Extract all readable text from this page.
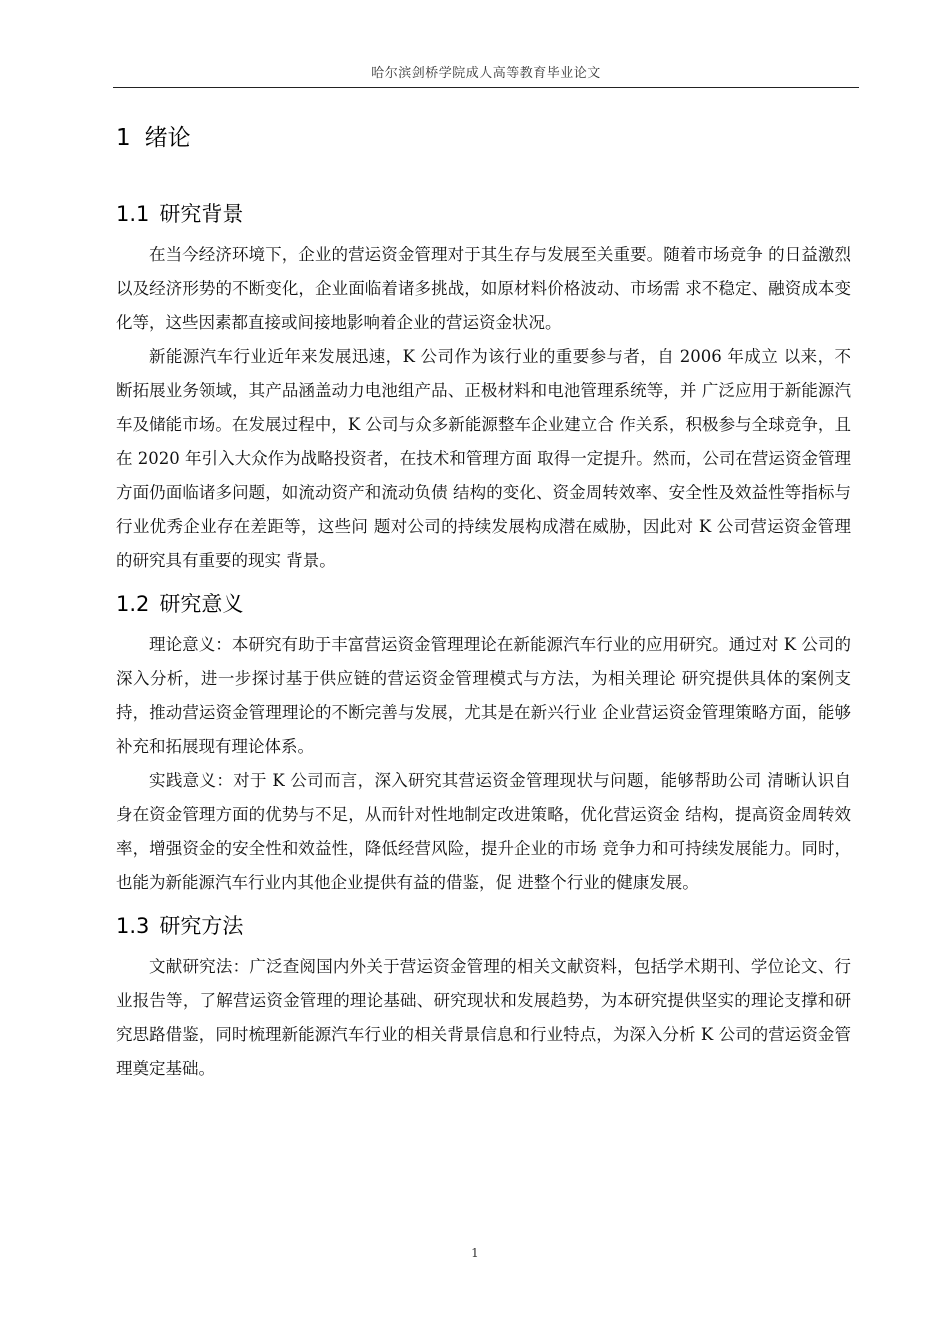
哈尔滨剑桥学院成人高等教育毕业论文
1 绪论
1.1 研究背景

在当今经济环境下，企业的营运资金管理对于其生存与发展至关重要。随着市场竞争 的日益激烈以及经济形势的不断变化，企业面临着诸多挑战，如原材料价格波动、市场需 求不稳定、融资成本变化等，这些因素都直接或间接地影响着企业的营运资金状况。

新能源汽车行业近年来发展迅速，K 公司作为该行业的重要参与者，自 2006 年成立 以来，不断拓展业务领域，其产品涵盖动力电池组产品、正极材料和电池管理系统等，并 广泛应用于新能源汽车及储能市场。在发展过程中，K 公司与众多新能源整车企业建立合 作关系，积极参与全球竞争，且在 2020 年引入大众作为战略投资者，在技术和管理方面 取得一定提升。然而，公司在营运资金管理方面仍面临诸多问题，如流动资产和流动负债 结构的变化、资金周转效率、安全性及效益性等指标与行业优秀企业存在差距等，这些问 题对公司的持续发展构成潜在威胁，因此对 K 公司营运资金管理的研究具有重要的现实 背景。

1.2 研究意义

理论意义：本研究有助于丰富营运资金管理理论在新能源汽车行业的应用研究。通过对 K 公司的深入分析，进一步探讨基于供应链的营运资金管理模式与方法，为相关理论 研究提供具体的案例支持，推动营运资金管理理论的不断完善与发展，尤其是在新兴行业 企业营运资金管理策略方面，能够补充和拓展现有理论体系。

实践意义：对于 K 公司而言，深入研究其营运资金管理现状与问题，能够帮助公司 清晰认识自身在资金管理方面的优势与不足，从而针对性地制定改进策略，优化营运资金 结构，提高资金周转效率，增强资金的安全性和效益性，降低经营风险，提升企业的市场 竞争力和可持续发展能力。同时，也能为新能源汽车行业内其他企业提供有益的借鉴，促 进整个行业的健康发展。

1.3 研究方法

文献研究法：广泛查阅国内外关于营运资金管理的相关文献资料，包括学术期刊、学位论文、行业报告等，了解营运资金管理的理论基础、研究现状和发展趋势，为本研究提供坚实的理论支撑和研究思路借鉴，同时梳理新能源汽车行业的相关背景信息和行业特点，为深入分析 K 公司的营运资金管理奠定基础。

1
